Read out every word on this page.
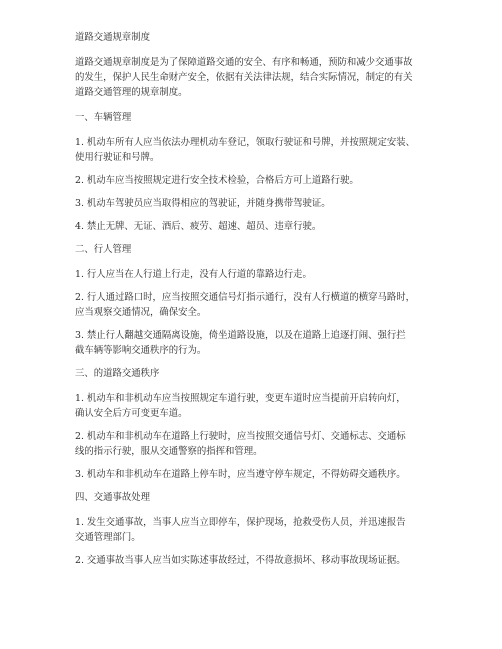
道路交通规章制度

道路交通规章制度是为了保障道路交通的安全、有序和畅通，预防和减少交通事故
的发生，保护人民生命财产安全，依据有关法律法规，结合实际情况，制定的有关
道路交通管理的规章制度。

一、车辆管理

1. 机动车所有人应当依法办理机动车登记，领取行驶证和号牌，并按照规定安装、
使用行驶证和号牌。

2. 机动车应当按照规定进行安全技术检验，合格后方可上道路行驶。

3. 机动车驾驶员应当取得相应的驾驶证，并随身携带驾驶证。

4. 禁止无牌、无证、酒后、疲劳、超速、超员、违章行驶。

二、行人管理

1. 行人应当在人行道上行走，没有人行道的靠路边行走。

2. 行人通过路口时，应当按照交通信号灯指示通行，没有人行横道的横穿马路时，
应当观察交通情况，确保安全。

3. 禁止行人翻越交通隔离设施，倚坐道路设施，以及在道路上追逐打闹、强行拦
截车辆等影响交通秩序的行为。

三、的道路交通秩序

1. 机动车和非机动车应当按照规定车道行驶，变更车道时应当提前开启转向灯，
确认安全后方可变更车道。

2. 机动车和非机动车在道路上行驶时，应当按照交通信号灯、交通标志、交通标
线的指示行驶，服从交通警察的指挥和管理。

3. 机动车和非机动车在道路上停车时，应当遵守停车规定，不得妨碍交通秩序。

四、交通事故处理

1. 发生交通事故，当事人应当立即停车，保护现场，抢救受伤人员，并迅速报告
交通管理部门。

2. 交通事故当事人应当如实陈述事故经过，不得故意损坏、移动事故现场证据。
